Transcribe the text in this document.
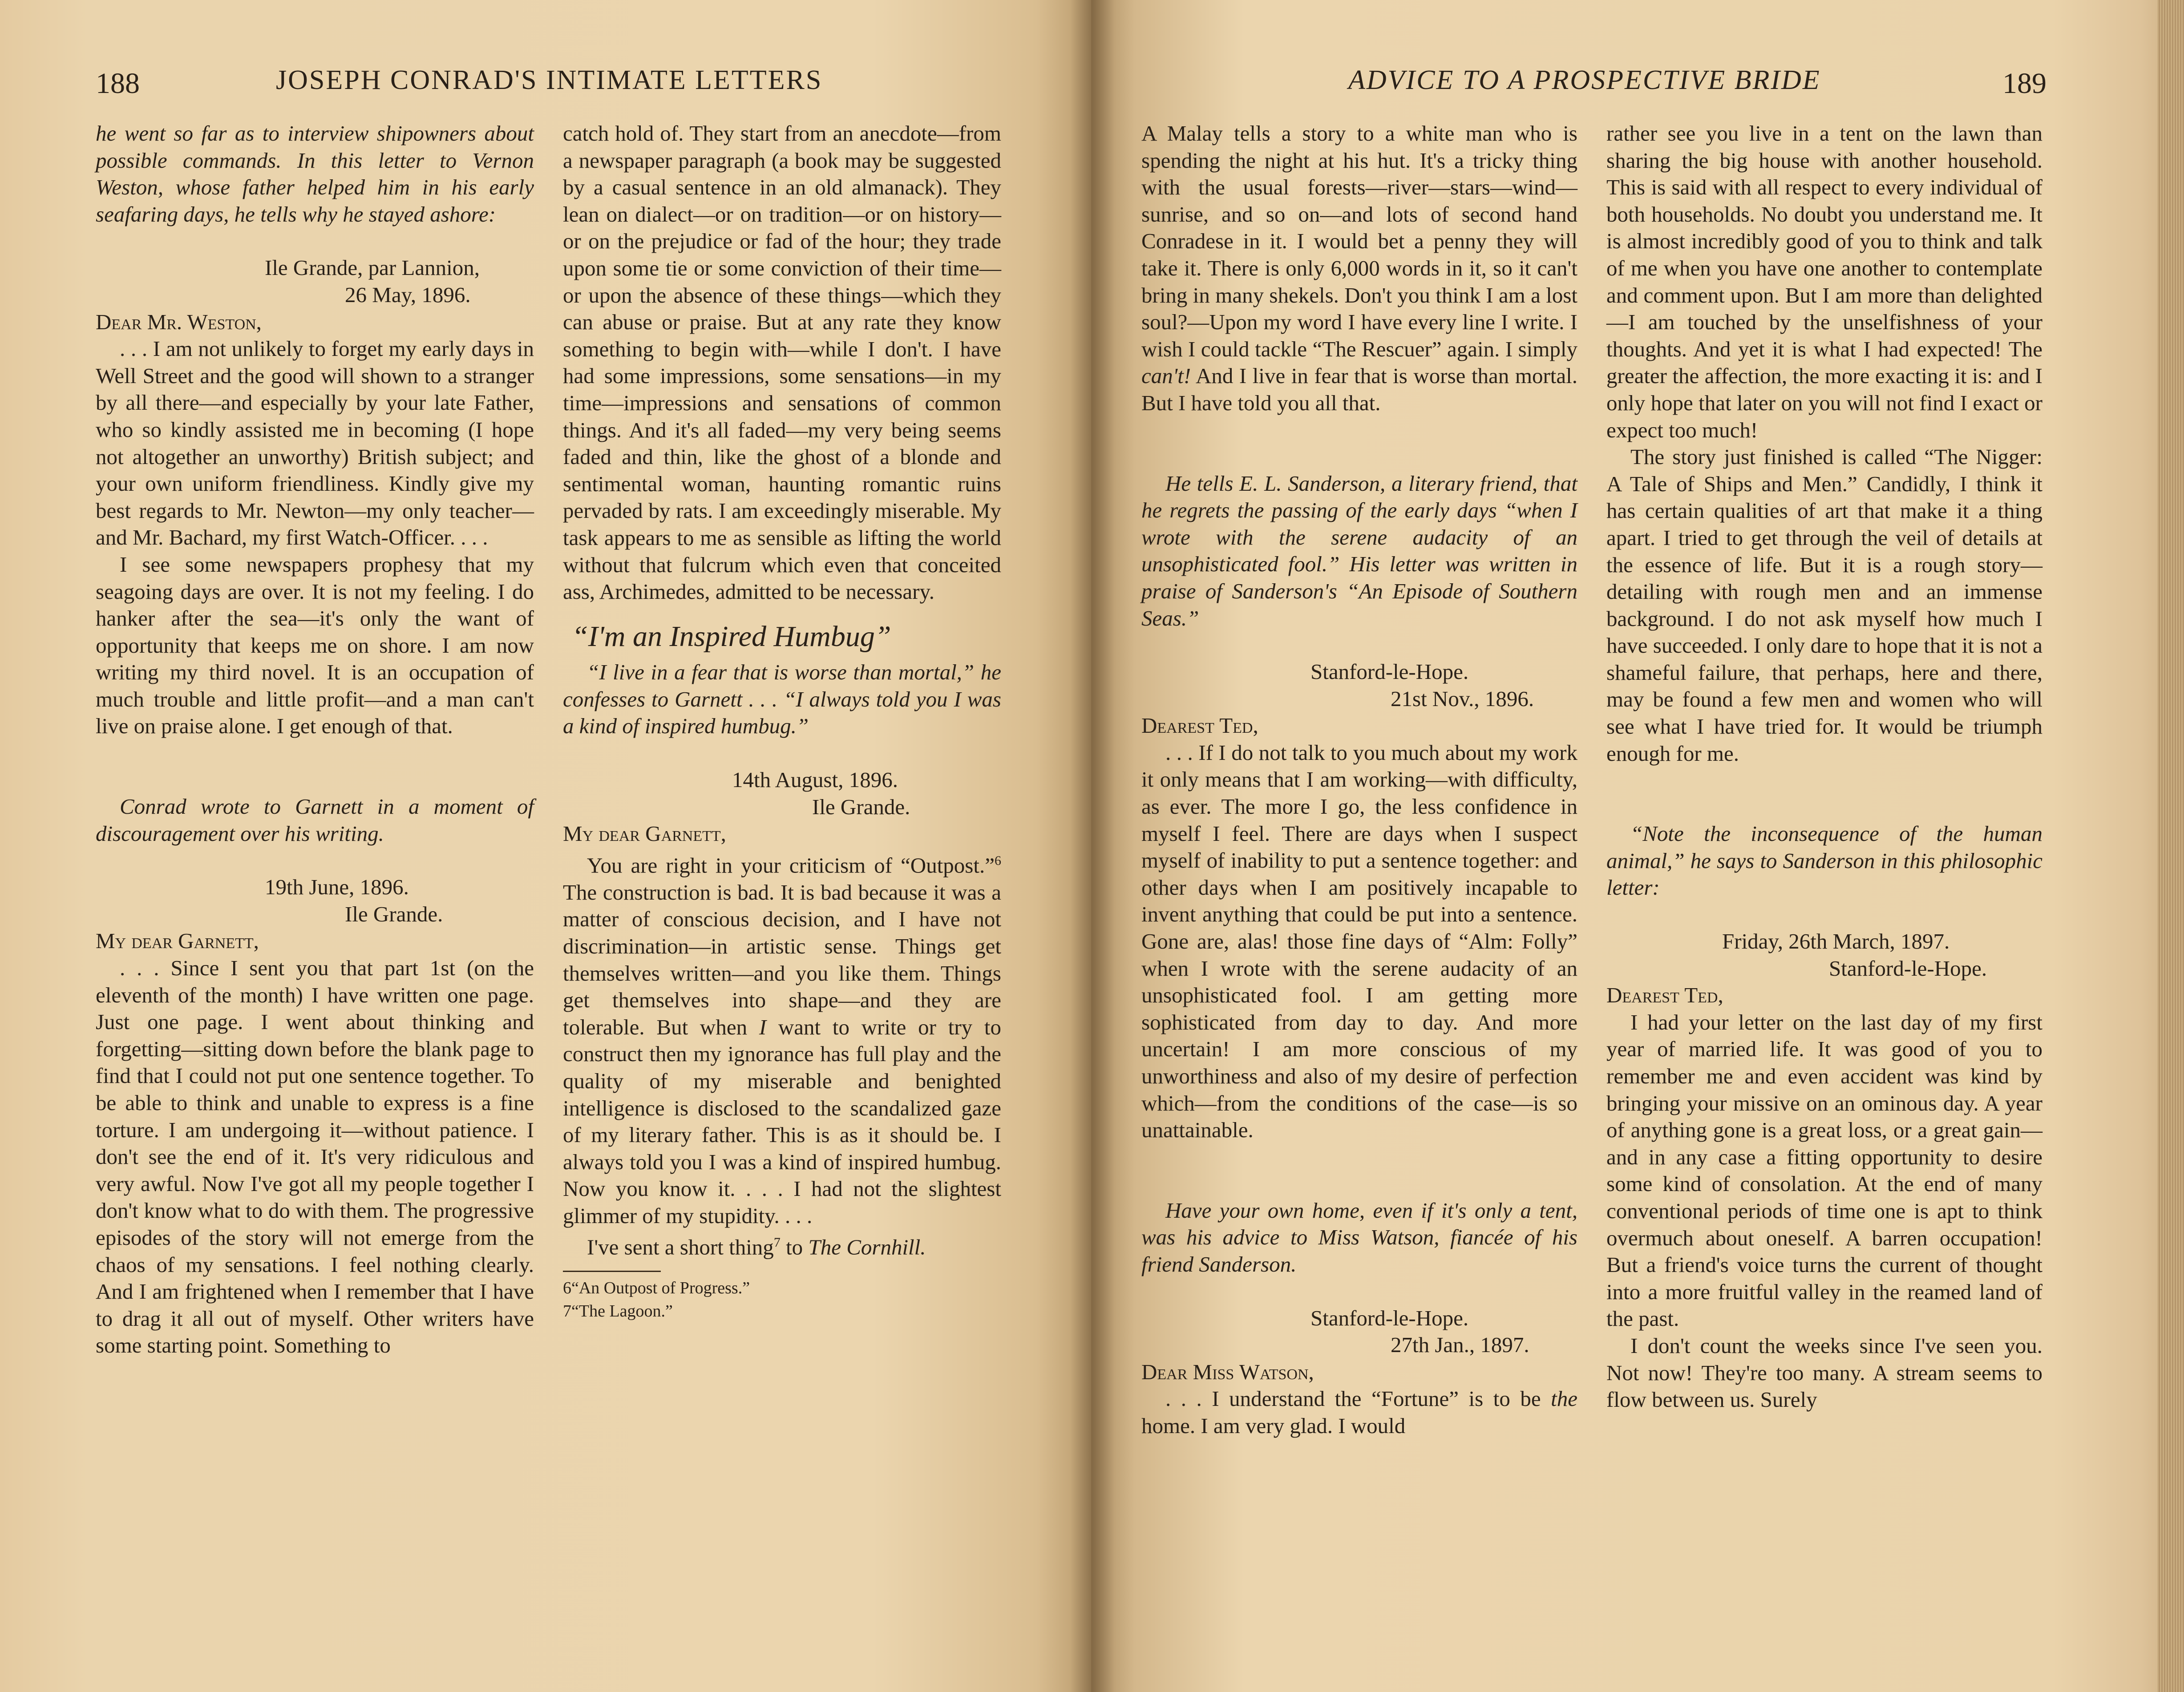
188	JOSEPH CONRAD'S INTIMATE LETTERS

he went so far as to interview shipowners about possible commands. In this letter to Vernon Weston, whose father helped him in his early seafaring days, he tells why he stayed ashore:

Ile Grande, par Lannion,

26 May, 1896.

Dear Mr. Weston,

. . . I am not unlikely to forget my early days in Well Street and the good will shown to a stranger by all there—and especially by your late Father, who so kindly assisted me in becoming (I hope not altogether an unworthy) British subject; and your own uniform friendliness. Kindly give my best regards to Mr. Newton—my only teacher—and Mr. Bachard, my first Watch-Officer. . . .

I see some newspapers prophesy that my seagoing days are over. It is not my feeling. I do hanker after the sea—it's only the want of opportunity that keeps me on shore. I am now writing my third novel. It is an occupation of much trouble and little profit—and a man can't live on praise alone. I get enough of that.

Conrad wrote to Garnett in a moment of discouragement over his writing.

19th June, 1896.

Ile Grande.

My dear Garnett,

. . . Since I sent you that part 1st (on the eleventh of the month) I have written one page. Just one page. I went about thinking and forgetting—sitting down before the blank page to find that I could not put one sentence together. To be able to think and unable to express is a fine torture. I am undergoing it—without patience. I don't see the end of it. It's very ridiculous and very awful. Now I've got all my people together I don't know what to do with them. The progressive episodes of the story will not emerge from the chaos of my sensations. I feel nothing clearly. And I am frightened when I remember that I have to drag it all out of myself. Other writers have some starting point. Something to

catch hold of. They start from an anecdote—from a newspaper paragraph (a book may be suggested by a casual sentence in an old almanack). They lean on dialect—or on tradition—or on history—or on the prejudice or fad of the hour; they trade upon some tie or some conviction of their time—or upon the absence of these things—which they can abuse or praise. But at any rate they know something to begin with—while I don't. I have had some impressions, some sensations—in my time—impressions and sensations of common things. And it's all faded—my very being seems faded and thin, like the ghost of a blonde and sentimental woman, haunting romantic ruins pervaded by rats. I am exceedingly miserable. My task appears to me as sensible as lifting the world without that fulcrum which even that conceited ass, Archimedes, admitted to be necessary.

“I'm an Inspired Humbug”

“I live in a fear that is worse than mortal,” he confesses to Garnett . . . “I always told you I was a kind of inspired humbug.”

14th August, 1896.

Ile Grande.

My dear Garnett,

You are right in your criticism of “Outpost.”$^6$ The construction is bad. It is bad because it was a matter of conscious decision, and I have not discrimination—in artistic sense. Things get themselves written—and you like them. Things get themselves into shape—and they are tolerable. But when I want to write or try to construct then my ignorance has full play and the quality of my miserable and benighted intelligence is disclosed to the scandalized gaze of my literary father. This is as it should be. I always told you I was a kind of inspired humbug. Now you know it. . . . I had not the slightest glimmer of my stupidity. . . .

I've sent a short thing$^7$ to The Cornhill.

6“An Outpost of Progress.”

7“The Lagoon.”

ADVICE TO A PROSPECTIVE BRIDE	189

A Malay tells a story to a white man who is spending the night at his hut. It's a tricky thing with the usual forests—river—stars—wind—sunrise, and so on—and lots of second hand Conradese in it. I would bet a penny they will take it. There is only 6,000 words in it, so it can't bring in many shekels. Don't you think I am a lost soul?—Upon my word I have every line I write. I wish I could tackle “The Rescuer” again. I simply can't! And I live in fear that is worse than mortal. But I have told you all that.

He tells E. L. Sanderson, a literary friend, that he regrets the passing of the early days “when I wrote with the serene audacity of an unsophisticated fool.” His letter was written in praise of Sanderson's “An Episode of Southern Seas.”

Stanford-le-Hope.

21st Nov., 1896.

Dearest Ted,

. . . If I do not talk to you much about my work it only means that I am working—with difficulty, as ever. The more I go, the less confidence in myself I feel. There are days when I suspect myself of inability to put a sentence together: and other days when I am positively incapable to invent anything that could be put into a sentence. Gone are, alas! those fine days of “Alm: Folly” when I wrote with the serene audacity of an unsophisticated fool. I am getting more sophisticated from day to day. And more uncertain! I am more conscious of my unworthiness and also of my desire of perfection which—from the conditions of the case—is so unattainable.

Have your own home, even if it's only a tent, was his advice to Miss Watson, fiancée of his friend Sanderson.

Stanford-le-Hope.

27th Jan., 1897.

Dear Miss Watson,

. . . I understand the “Fortune” is to be the home. I am very glad. I would

rather see you live in a tent on the lawn than sharing the big house with another household. This is said with all respect to every individual of both households. No doubt you understand me. It is almost incredibly good of you to think and talk of me when you have one another to contemplate and comment upon. But I am more than delighted—I am touched by the unselfishness of your thoughts. And yet it is what I had expected! The greater the affection, the more exacting it is: and I only hope that later on you will not find I exact or expect too much!

The story just finished is called “The Nigger: A Tale of Ships and Men.” Candidly, I think it has certain qualities of art that make it a thing apart. I tried to get through the veil of details at the essence of life. But it is a rough story—detailing with rough men and an immense background. I do not ask myself how much I have succeeded. I only dare to hope that it is not a shameful failure, that perhaps, here and there, may be found a few men and women who will see what I have tried for. It would be triumph enough for me.

“Note the inconsequence of the human animal,” he says to Sanderson in this philosophic letter:

Friday, 26th March, 1897.

Stanford-le-Hope.

Dearest Ted,

I had your letter on the last day of my first year of married life. It was good of you to remember me and even accident was kind by bringing your missive on an ominous day. A year of anything gone is a great loss, or a great gain—and in any case a fitting opportunity to desire some kind of consolation. At the end of many conventional periods of time one is apt to think overmuch about oneself. A barren occupation! But a friend's voice turns the current of thought into a more fruitful valley in the reamed land of the past.

I don't count the weeks since I've seen you. Not now! They're too many. A stream seems to flow between us. Surely
